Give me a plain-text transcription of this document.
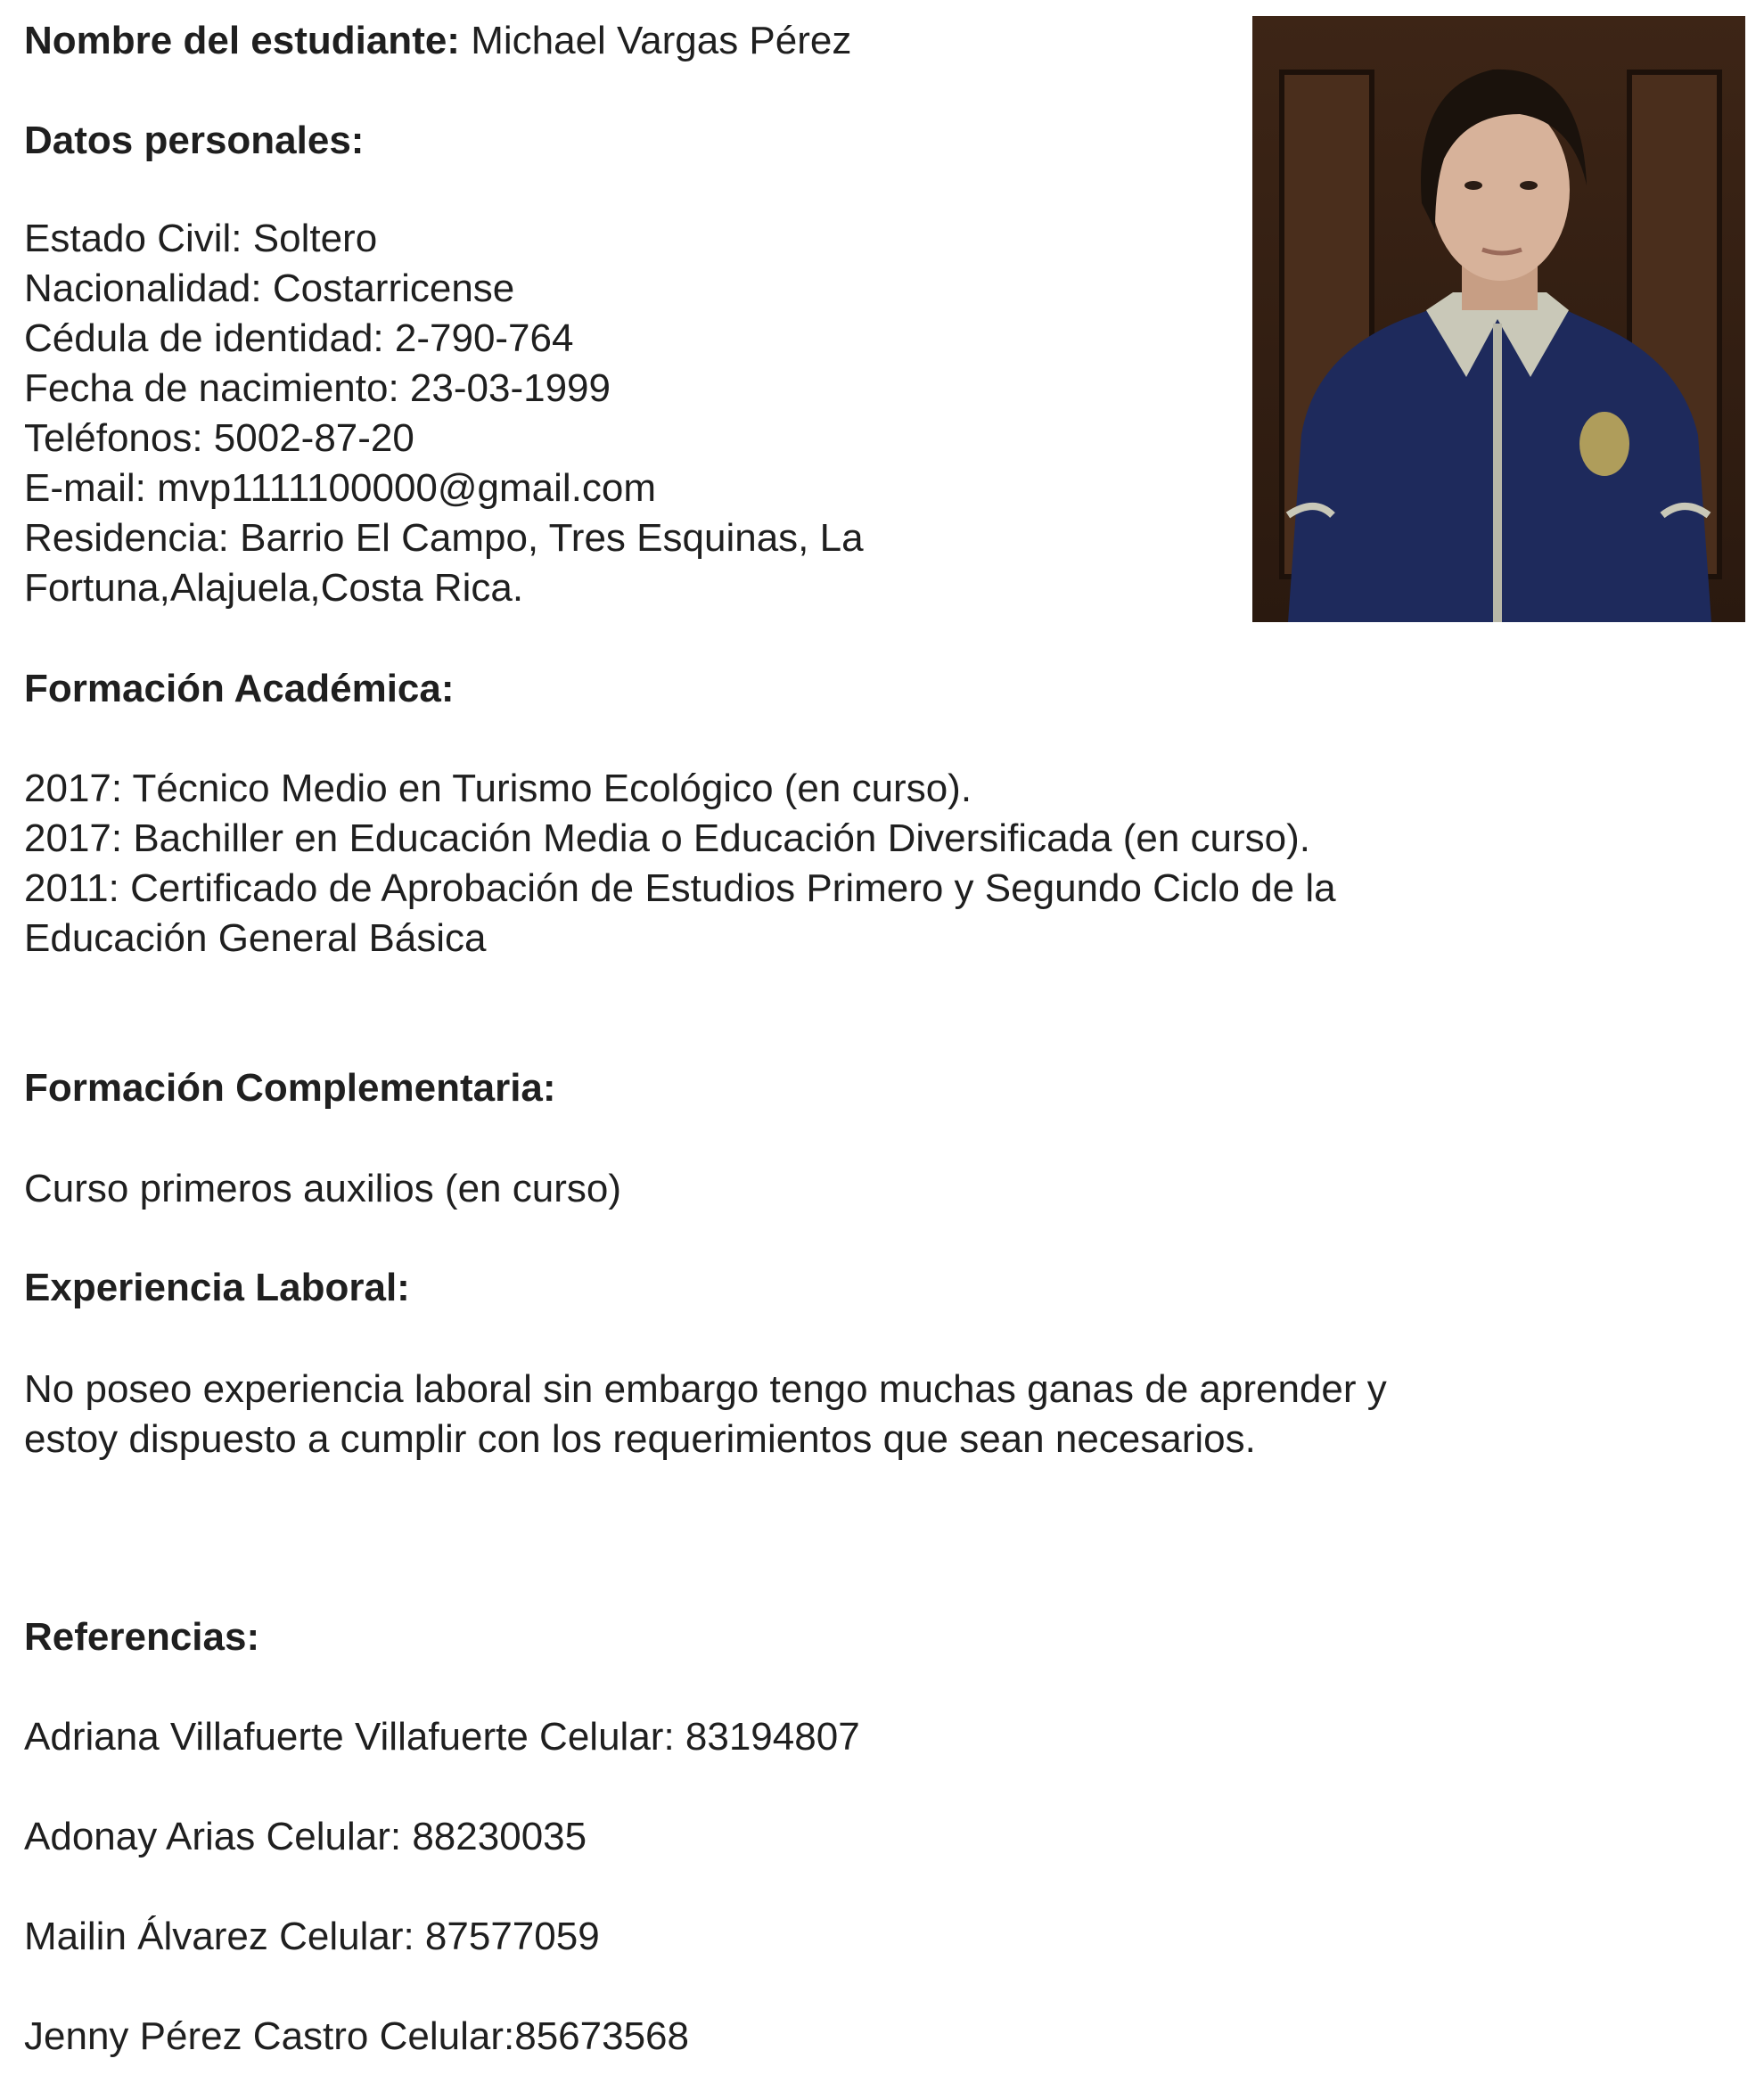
Nombre del estudiante: Michael Vargas Pérez
Datos personales:
Estado Civil: Soltero
Nacionalidad: Costarricense
Cédula de identidad: 2-790-764
Fecha de nacimiento: 23-03-1999
Teléfonos: 5002-87-20
E-mail: mvp1111100000@gmail.com
Residencia: Barrio El Campo, Tres Esquinas, La
Fortuna,Alajuela,Costa Rica.
Formación Académica:
2017: Técnico Medio en Turismo Ecológico (en curso).
2017: Bachiller en Educación Media o Educación Diversificada (en curso).
2011: Certificado de Aprobación de Estudios Primero y Segundo Ciclo de la
Educación General Básica
Formación Complementaria:
Curso primeros auxilios (en curso)
Experiencia Laboral:
No poseo experiencia laboral sin embargo tengo muchas ganas de aprender y
estoy dispuesto a cumplir con los requerimientos que sean necesarios.
Referencias:
Adriana Villafuerte Villafuerte Celular: 83194807
Adonay Arias Celular: 88230035
Mailin Álvarez Celular: 87577059
Jenny Pérez Castro Celular:85673568
